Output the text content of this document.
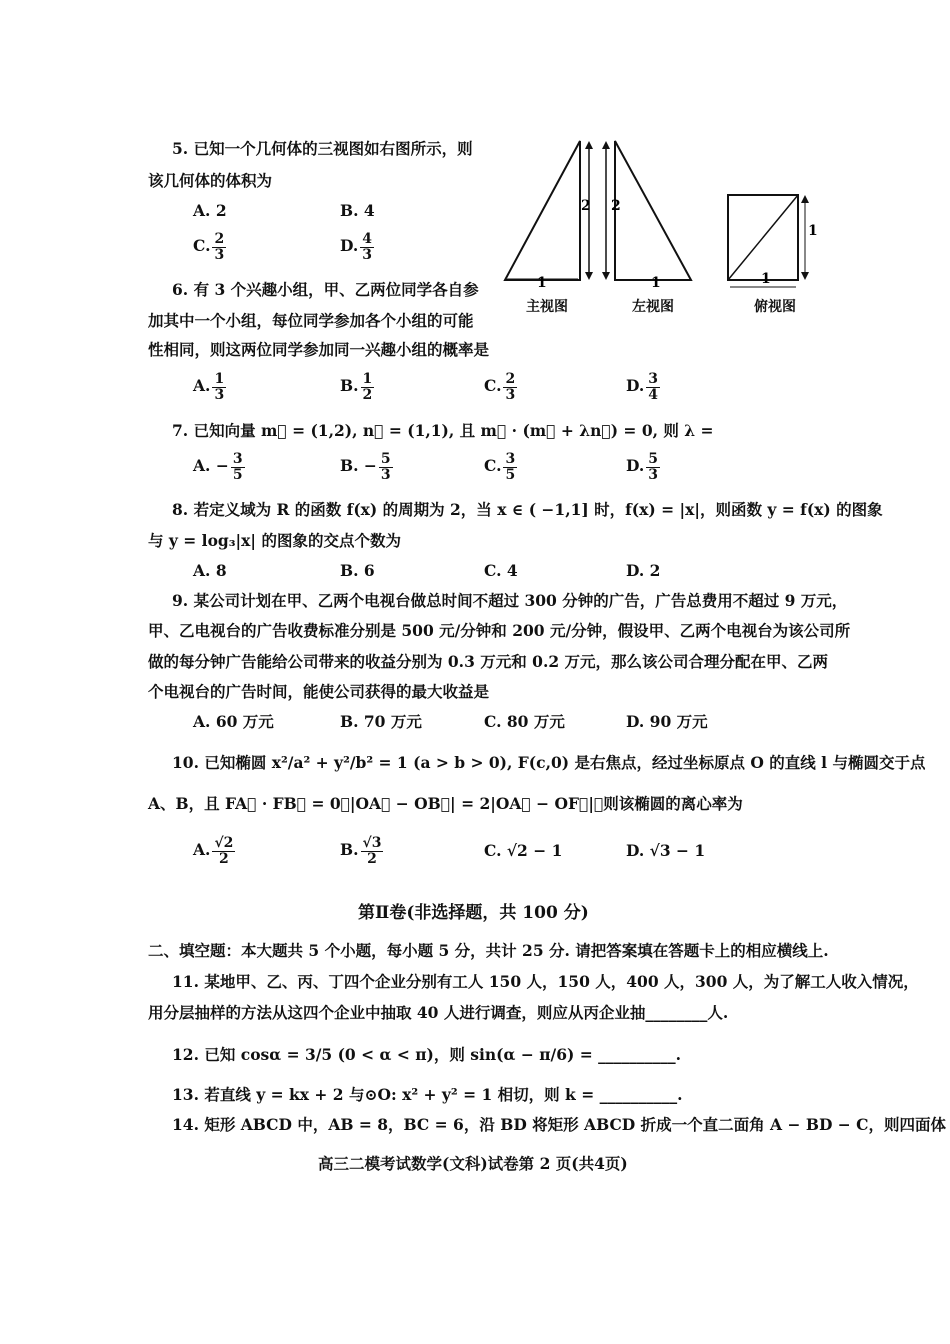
5. 已知一个几何体的三视图如右图所示，则
该几何体的体积为
A. 2	B. 4
C. $\frac{2}{3}$	D. $\frac{4}{3}$
2
1
2
1
1
1
主视图	左视图	俯视图
6. 有 3 个兴趣小组，甲、乙两位同学各自参
加其中一个小组，每位同学参加各个小组的可能
性相同，则这两位同学参加同一兴趣小组的概率是
A. $\frac{1}{3}$	B. $\frac{1}{2}$	C. $\frac{2}{3}$	D. $\frac{3}{4}$
7. 已知向量 m⃗ = (1,2), n⃗ = (1,1), 且 m⃗ · (m⃗ + λn⃗) = 0, 则 λ =
A. − $\frac{3}{5}$	B. − $\frac{5}{3}$	C. $\frac{3}{5}$	D. $\frac{5}{3}$
8. 若定义域为 R 的函数 f(x) 的周期为 2，当 x ∈ ( −1,1] 时，f(x) = |x|，则函数 y = f(x) 的图象
与 y = log₃|x| 的图象的交点个数为
A. 8	B. 6	C. 4	D. 2
9. 某公司计划在甲、乙两个电视台做总时间不超过 300 分钟的广告，广告总费用不超过 9 万元，
甲、乙电视台的广告收费标准分别是 500 元/分钟和 200 元/分钟，假设甲、乙两个电视台为该公司所
做的每分钟广告能给公司带来的收益分别为 0.3 万元和 0.2 万元，那么该公司合理分配在甲、乙两
个电视台的广告时间，能使公司获得的最大收益是
A. 60 万元	B. 70 万元	C. 80 万元	D. 90 万元
10. 已知椭圆 x²/a² + y²/b² = 1 (a > b > 0), F(c,0) 是右焦点，经过坐标原点 O 的直线 l 与椭圆交于点
A、B，且 FA⃗ · FB⃗ = 0，|OA⃗ − OB⃗| = 2|OA⃗ − OF⃗|，则该椭圆的离心率为
A. $\frac{√2}{2}$	B. $\frac{√3}{2}$	C. √2 − 1	D. √3 − 1
第Ⅱ卷(非选择题，共 100 分)
二、填空题：本大题共 5 个小题，每小题 5 分，共计 25 分. 请把答案填在答题卡上的相应横线上.
11. 某地甲、乙、丙、丁四个企业分别有工人 150 人，150 人，400 人，300 人，为了解工人收入情况，
用分层抽样的方法从这四个企业中抽取 40 人进行调查，则应从丙企业抽________人.
12. 已知 cosα = 3/5 (0 < α < π)，则 sin(α − π/6) = __________.
13. 若直线 y = kx + 2 与⊙O: x² + y² = 1 相切，则 k = __________.
14. 矩形 ABCD 中，AB = 8，BC = 6，沿 BD 将矩形 ABCD 折成一个直二面角 A − BD − C，则四面体
高三二模考试数学(文科)试卷第 2 页(共4页)
